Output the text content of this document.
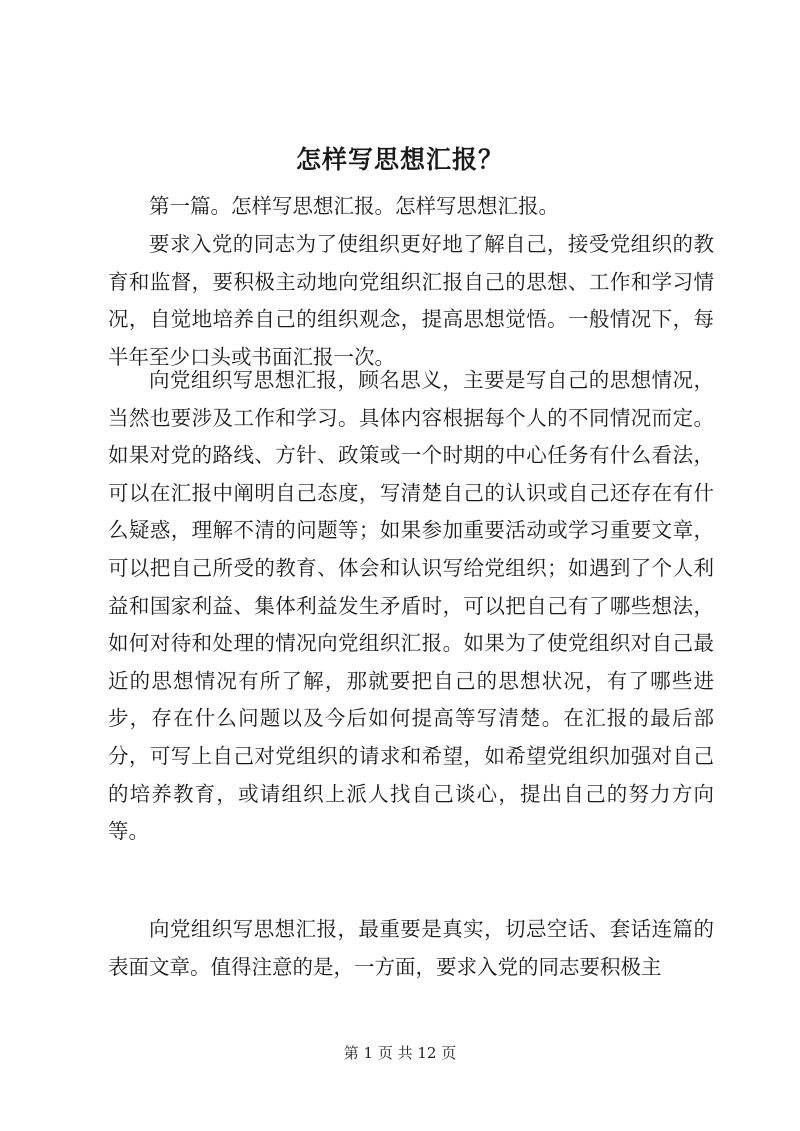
怎样写思想汇报？
第一篇。怎样写思想汇报。怎样写思想汇报。
要求入党的同志为了使组织更好地了解自己，接受党组织的教育和监督，要积极主动地向党组织汇报自己的思想、工作和学习情况，自觉地培养自己的组织观念，提高思想觉悟。一般情况下，每半年至少口头或书面汇报一次。
向党组织写思想汇报，顾名思义，主要是写自己的思想情况，当然也要涉及工作和学习。具体内容根据每个人的不同情况而定。如果对党的路线、方针、政策或一个时期的中心任务有什么看法，可以在汇报中阐明自己态度，写清楚自己的认识或自己还存在有什么疑惑，理解不清的问题等；如果参加重要活动或学习重要文章，可以把自己所受的教育、体会和认识写给党组织；如遇到了个人利益和国家利益、集体利益发生矛盾时，可以把自己有了哪些想法，如何对待和处理的情况向党组织汇报。如果为了使党组织对自己最近的思想情况有所了解，那就要把自己的思想状况，有了哪些进步，存在什么问题以及今后如何提高等写清楚。在汇报的最后部分，可写上自己对党组织的请求和希望，如希望党组织加强对自己的培养教育，或请组织上派人找自己谈心，提出自己的努力方向等。
向党组织写思想汇报，最重要是真实，切忌空话、套话连篇的表面文章。值得注意的是，一方面，要求入党的同志要积极主
第 1 页 共 12 页
